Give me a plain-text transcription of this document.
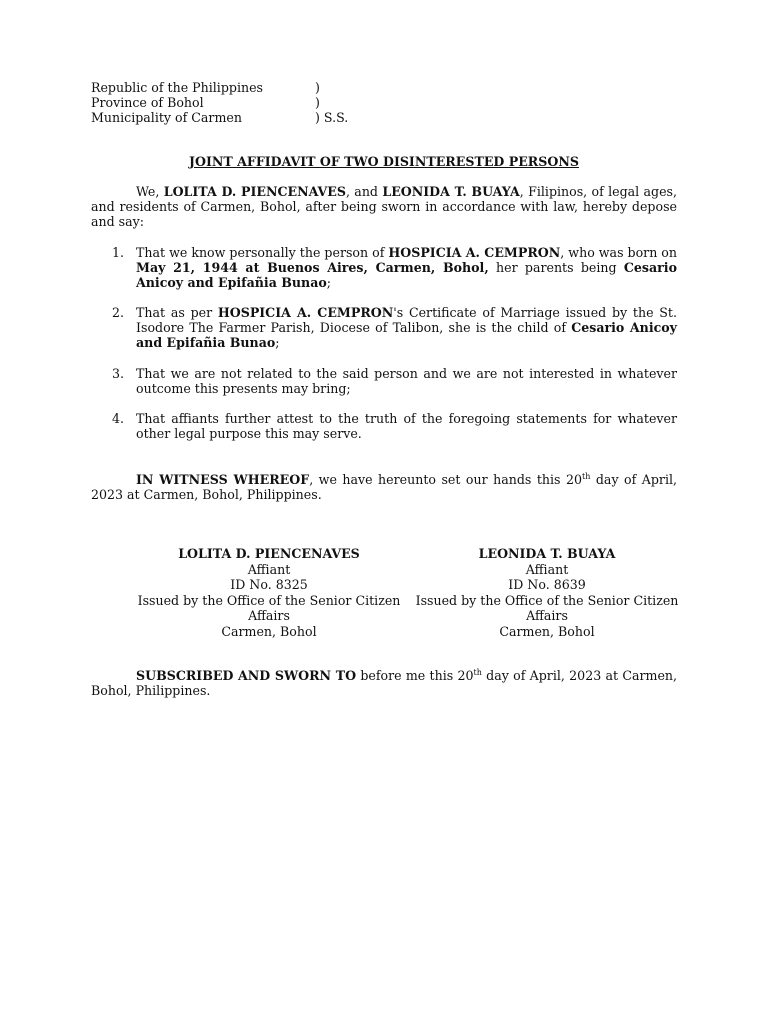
Republic of the Philippines	)
Province of Bohol	)
Municipality of Carmen	) S.S.
JOINT AFFIDAVIT OF TWO DISINTERESTED PERSONS
We, LOLITA D. PIENCENAVES, and LEONIDA T. BUAYA, Filipinos, of legal ages, and residents of Carmen, Bohol, after being sworn in accordance with law, hereby depose and say:
1. That we know personally the person of HOSPICIA A. CEMPRON, who was born on May 21, 1944 at Buenos Aires, Carmen, Bohol, her parents being Cesario Anicoy and Epifañia Bunao;
2. That as per HOSPICIA A. CEMPRON's Certificate of Marriage issued by the St. Isodore The Farmer Parish, Diocese of Talibon, she is the child of Cesario Anicoy and Epifañia Bunao;
3. That we are not related to the said person and we are not interested in whatever outcome this presents may bring;
4. That affiants further attest to the truth of the foregoing statements for whatever other legal purpose this may serve.
IN WITNESS WHEREOF, we have hereunto set our hands this 20th day of April, 2023 at Carmen, Bohol, Philippines.
LOLITA D. PIENCENAVES
Affiant
ID No. 8325
Issued by the Office of the Senior Citizen
Affairs
Carmen, Bohol
LEONIDA T. BUAYA
Affiant
ID No. 8639
Issued by the Office of the Senior Citizen
Affairs
Carmen, Bohol
SUBSCRIBED AND SWORN TO before me this 20th day of April, 2023 at Carmen, Bohol, Philippines.
